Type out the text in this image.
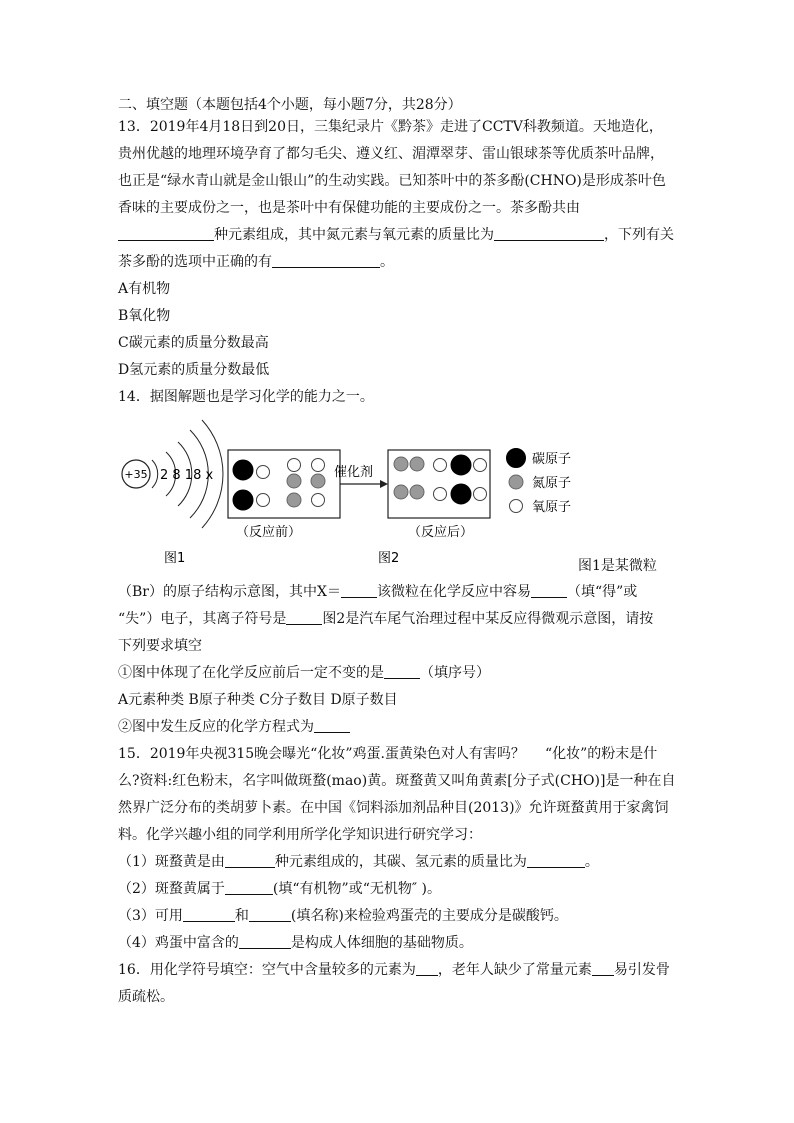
二、填空题（本题包括4个小题，每小题7分，共28分）
13．2019年4月18日到20日，三集纪录片《黔茶》走进了CCTV科教频道。天地造化，
贵州优越的地理环境孕育了都匀毛尖、遵义红、湄潭翠芽、雷山银球茶等优质茶叶品牌，
也正是“绿水青山就是金山银山”的生动实践。已知茶叶中的茶多酚(CHNO)是形成茶叶色
香味的主要成份之一，也是茶叶中有保健功能的主要成份之一。茶多酚共由
种元素组成，其中氮元素与氧元素的质量比为	，下列有关
茶多酚的选项中正确的有	。
A有机物
B氧化物
C碳元素的质量分数最高
D氢元素的质量分数最低
14．据图解题也是学习化学的能力之一。
+35 2 8 18 x
图1
（反应前）
催化剂
（反应后）
图2
碳原子
氮原子
氧原子
图1是某微粒
（Br）的原子结构示意图，其中X＝	该微粒在化学反应中容易	（填“得”或
“失”）电子，其离子符号是	图2是汽车尾气治理过程中某反应得微观示意图，请按
下列要求填空
①图中体现了在化学反应前后一定不变的是	（填序号）
A元素种类 B原子种类 C分子数目 D原子数目
②图中发生反应的化学方程式为
15．2019年央视315晚会曝光“化妆”鸡蛋.蛋黄染色对人有害吗？ “化妆”的粉末是什
么?资料:红色粉末，名字叫做斑蝥(mao)黄。斑蝥黄又叫角黄素[分子式(CHO)]是一种在自
然界广泛分布的类胡萝卜素。在中国《饲料添加剂品种目(2013)》允许斑蝥黄用于家禽饲
料。化学兴趣小组的同学利用所学化学知识进行研究学习：
（1）斑蝥黄是由	种元素组成的，其碳、氢元素的质量比为	。
（2）斑蝥黄属于	(填“有机物”或“无机物″ )。
（3）可用	和	(填名称)来检验鸡蛋壳的主要成分是碳酸钙。
（4）鸡蛋中富含的	是构成人体细胞的基础物质。
16．用化学符号填空：空气中含量较多的元素为 ，老年人缺少了常量元素 易引发骨
质疏松。
